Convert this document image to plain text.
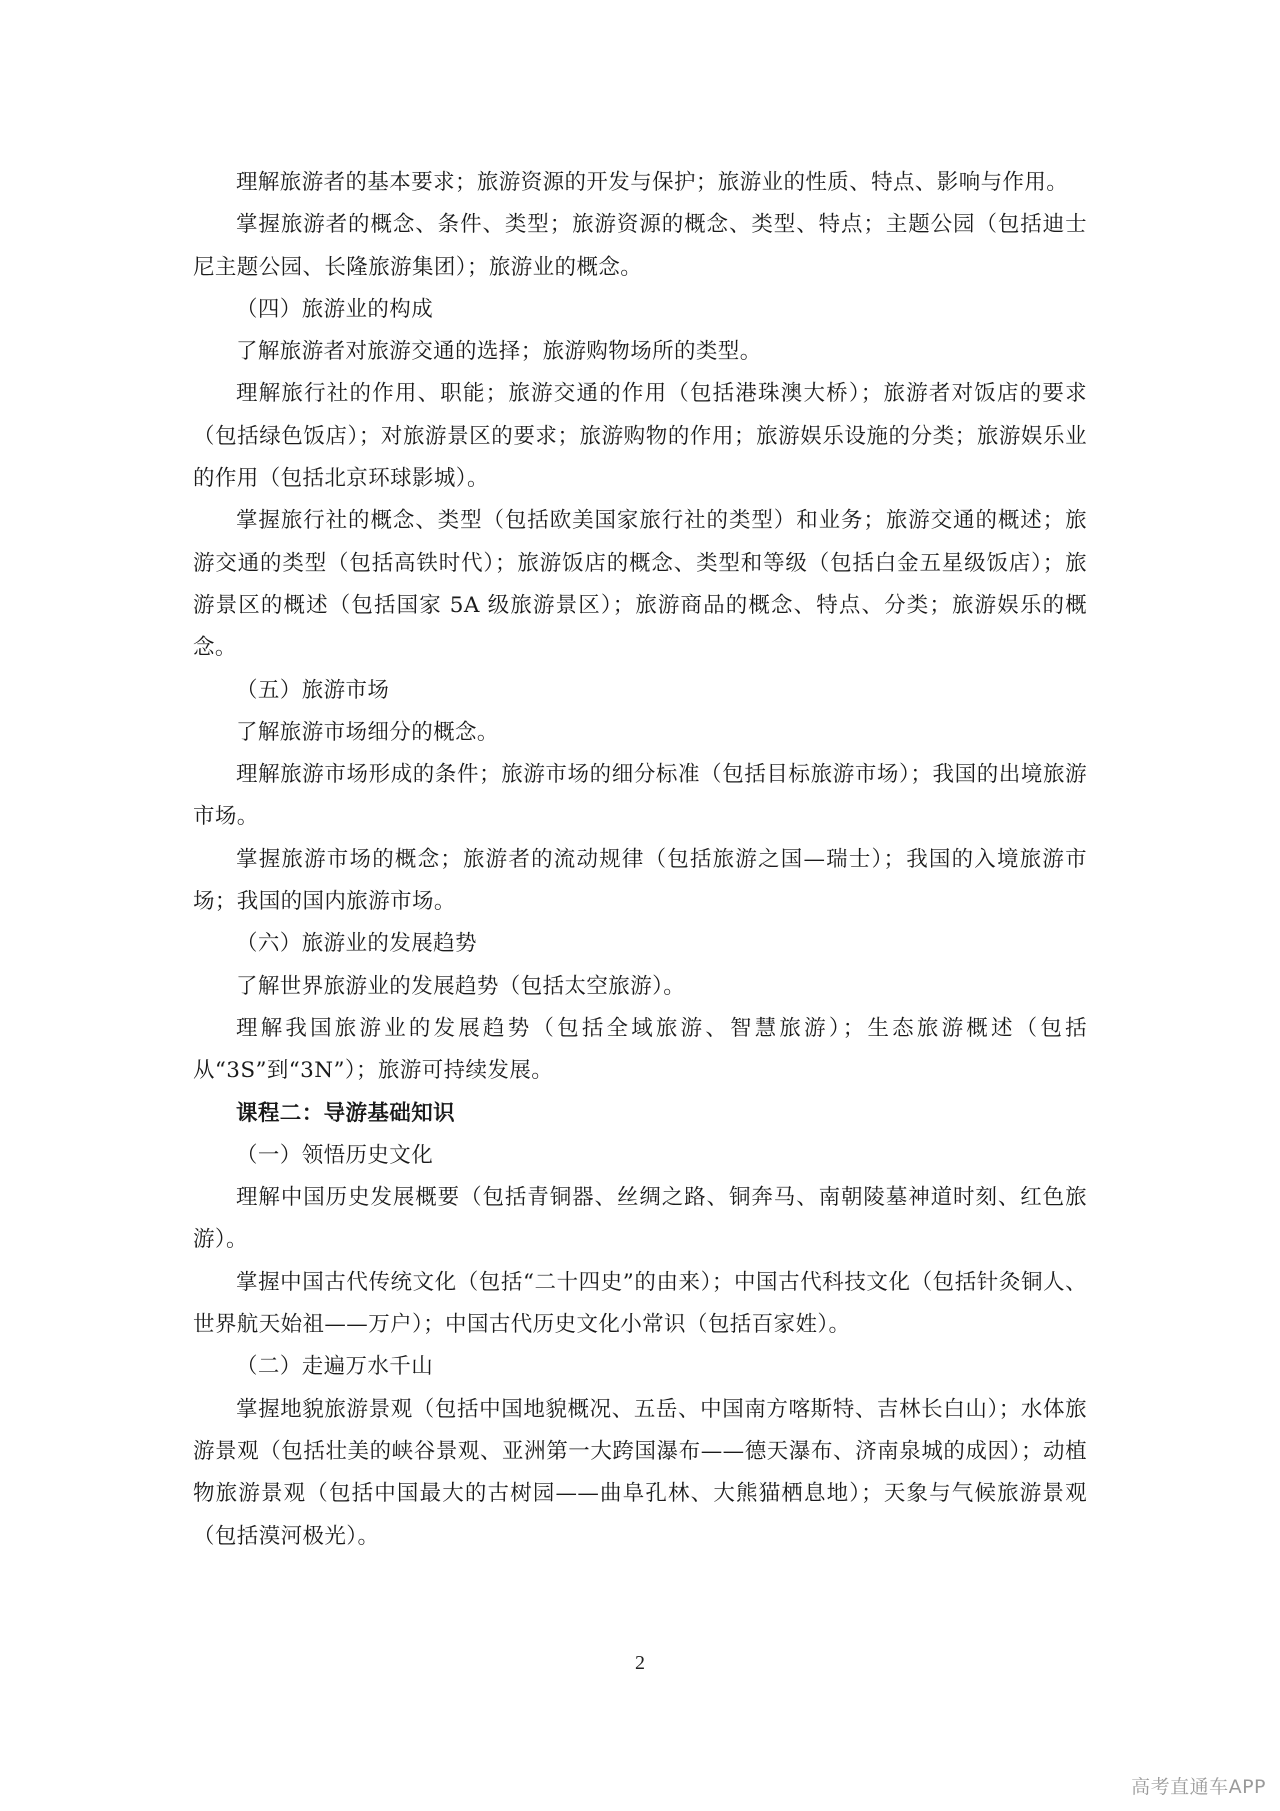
理解旅游者的基本要求；旅游资源的开发与保护；旅游业的性质、特点、影响与作用。

掌握旅游者的概念、条件、类型；旅游资源的概念、类型、特点；主题公园（包括迪士尼主题公园、长隆旅游集团）；旅游业的概念。

（四）旅游业的构成

了解旅游者对旅游交通的选择；旅游购物场所的类型。

理解旅行社的作用、职能；旅游交通的作用（包括港珠澳大桥）；旅游者对饭店的要求（包括绿色饭店）；对旅游景区的要求；旅游购物的作用；旅游娱乐设施的分类；旅游娱乐业的作用（包括北京环球影城）。

掌握旅行社的概念、类型（包括欧美国家旅行社的类型）和业务；旅游交通的概述；旅游交通的类型（包括高铁时代）；旅游饭店的概念、类型和等级（包括白金五星级饭店）；旅游景区的概述（包括国家 5A 级旅游景区）；旅游商品的概念、特点、分类；旅游娱乐的概念。

（五）旅游市场

了解旅游市场细分的概念。

理解旅游市场形成的条件；旅游市场的细分标准（包括目标旅游市场）；我国的出境旅游市场。

掌握旅游市场的概念；旅游者的流动规律（包括旅游之国—瑞士）；我国的入境旅游市场；我国的国内旅游市场。

（六）旅游业的发展趋势

了解世界旅游业的发展趋势（包括太空旅游）。

理解我国旅游业的发展趋势（包括全域旅游、智慧旅游）；生态旅游概述（包括从“3S”到“3N”）；旅游可持续发展。

课程二：导游基础知识

（一）领悟历史文化

理解中国历史发展概要（包括青铜器、丝绸之路、铜奔马、南朝陵墓神道时刻、红色旅游）。

掌握中国古代传统文化（包括“二十四史”的由来）；中国古代科技文化（包括针灸铜人、世界航天始祖——万户）；中国古代历史文化小常识（包括百家姓）。

（二）走遍万水千山

掌握地貌旅游景观（包括中国地貌概况、五岳、中国南方喀斯特、吉林长白山）；水体旅游景观（包括壮美的峡谷景观、亚洲第一大跨国瀑布——德天瀑布、济南泉城的成因）；动植物旅游景观（包括中国最大的古树园——曲阜孔林、大熊猫栖息地）；天象与气候旅游景观（包括漠河极光）。

2
高考直通车APP
